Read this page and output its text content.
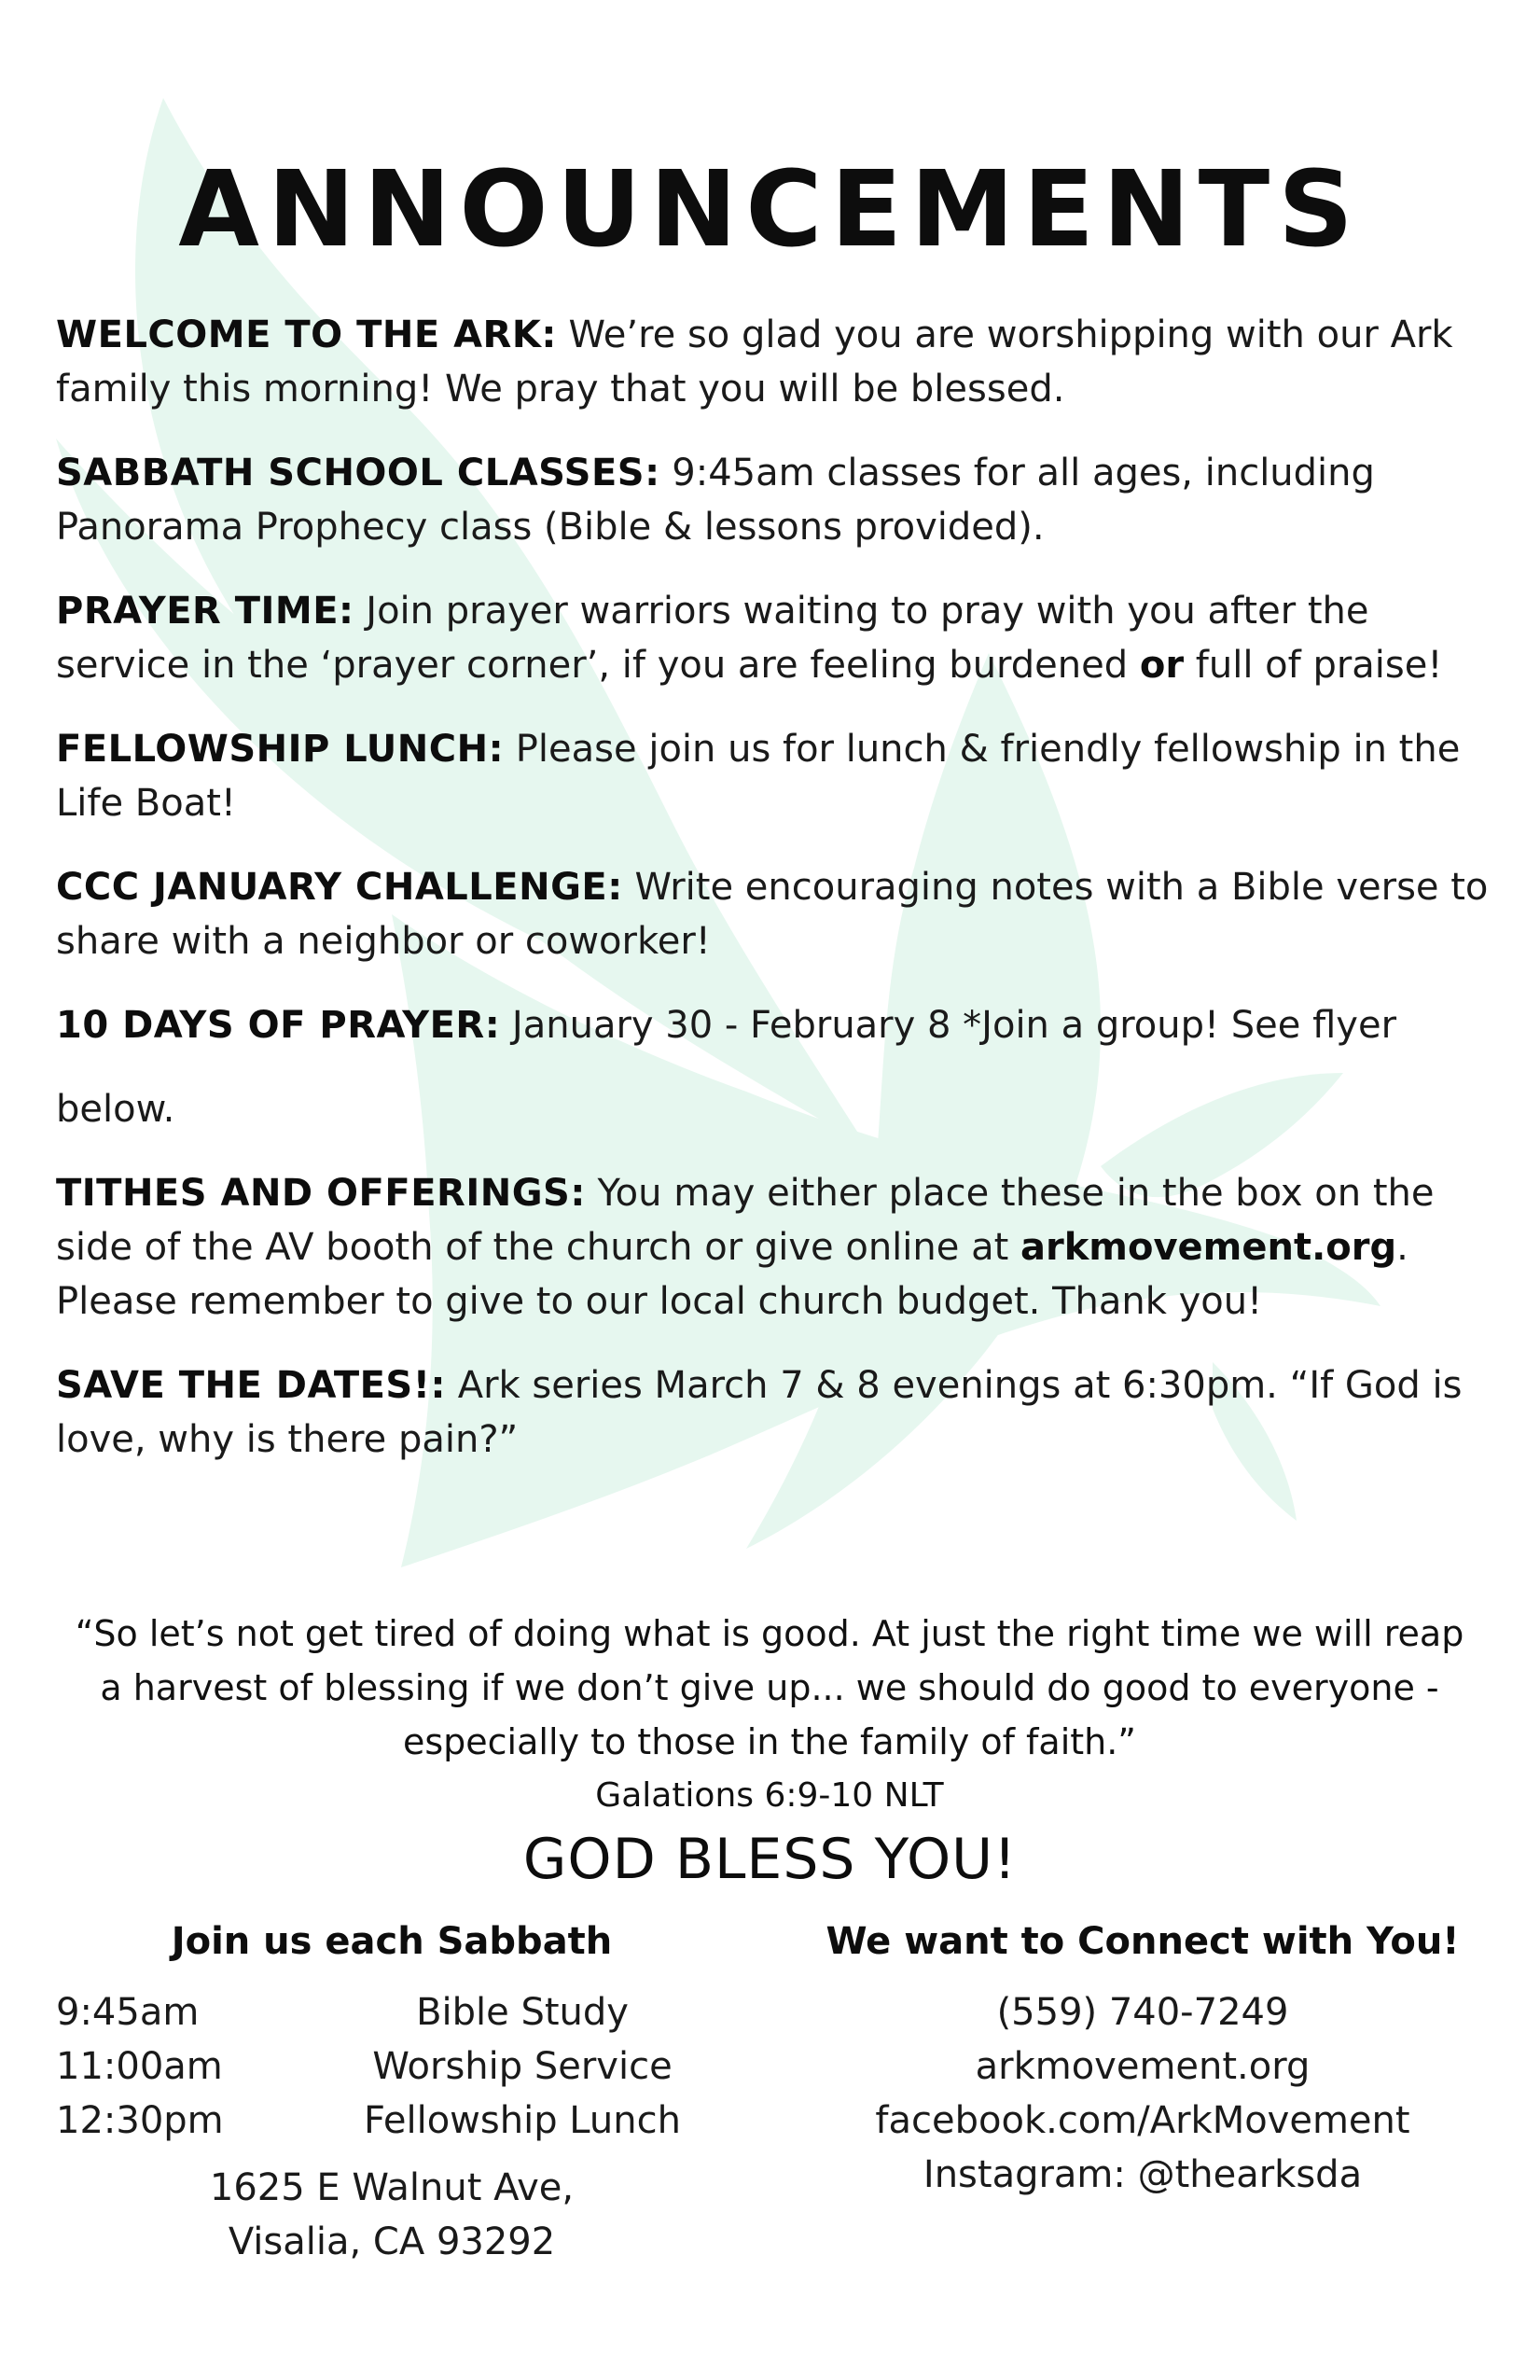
ANNOUNCEMENTS
WELCOME TO THE ARK: We’re so glad you are worshipping with our Ark family this morning! We pray that you will be blessed.
SABBATH SCHOOL CLASSES: 9:45am classes for all ages, including Panorama Prophecy class (Bible & lessons provided).
PRAYER TIME: Join prayer warriors waiting to pray with you after the service in the ‘prayer corner’, if you are feeling burdened or full of praise!
FELLOWSHIP LUNCH: Please join us for lunch & friendly fellowship in the Life Boat!
CCC JANUARY CHALLENGE: Write encouraging notes with a Bible verse to share with a neighbor or coworker!
10 DAYS OF PRAYER: January 30 - February 8 *Join a group! See flyer
below.
TITHES AND OFFERINGS: You may either place these in the box on the side of the AV booth of the church or give online at arkmovement.org. Please remember to give to our local church budget. Thank you!
SAVE THE DATES!: Ark series March 7 & 8 evenings at 6:30pm. “If God is love, why is there pain?”
“So let’s not get tired of doing what is good. At just the right time we will reap a harvest of blessing if we don’t give up... we should do good to everyone - especially to those in the family of faith.”
Galations 6:9-10 NLT
GOD BLESS YOU!
Join us each Sabbath
9:45am	Bible Study
11:00am	Worship Service
12:30pm	Fellowship Lunch
1625 E Walnut Ave,
Visalia, CA 93292
We want to Connect with You!
(559) 740-7249
arkmovement.org
facebook.com/ArkMovement
Instagram: @thearksda
